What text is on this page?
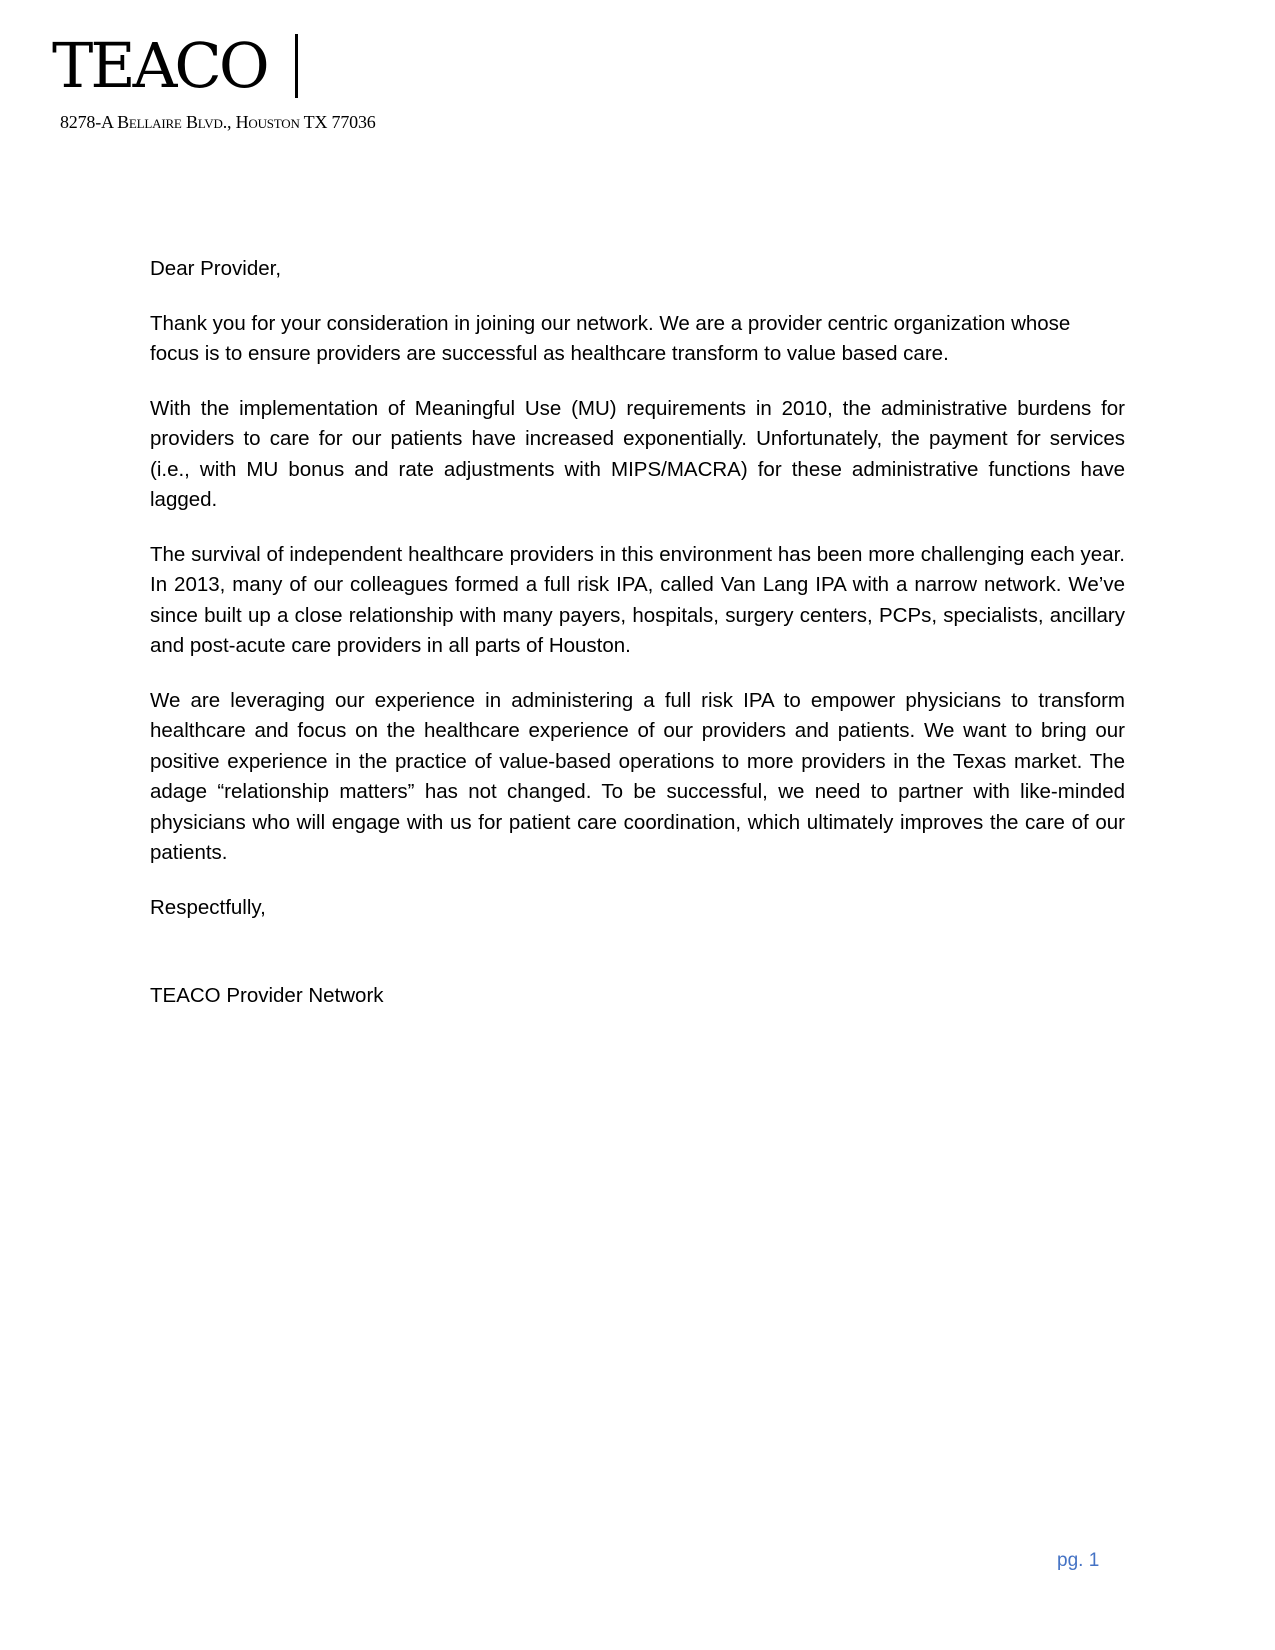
TEACO
8278-A Bellaire Blvd., Houston TX 77036
Dear Provider,

Thank you for your consideration in joining our network. We are a provider centric organization whose focus is to ensure providers are successful as healthcare transform to value based care.

With the implementation of Meaningful Use (MU) requirements in 2010, the administrative burdens for providers to care for our patients have increased exponentially. Unfortunately, the payment for services (i.e., with MU bonus and rate adjustments with MIPS/MACRA) for these administrative functions have lagged.

The survival of independent healthcare providers in this environment has been more challenging each year. In 2013, many of our colleagues formed a full risk IPA, called Van Lang IPA with a narrow network. We’ve since built up a close relationship with many payers, hospitals, surgery centers, PCPs, specialists, ancillary and post-acute care providers in all parts of Houston.

We are leveraging our experience in administering a full risk IPA to empower physicians to transform healthcare and focus on the healthcare experience of our providers and patients. We want to bring our positive experience in the practice of value-based operations to more providers in the Texas market. The adage “relationship matters” has not changed. To be successful, we need to partner with like-minded physicians who will engage with us for patient care coordination, which ultimately improves the care of our patients.

Respectfully,
TEACO Provider Network
pg. 1
